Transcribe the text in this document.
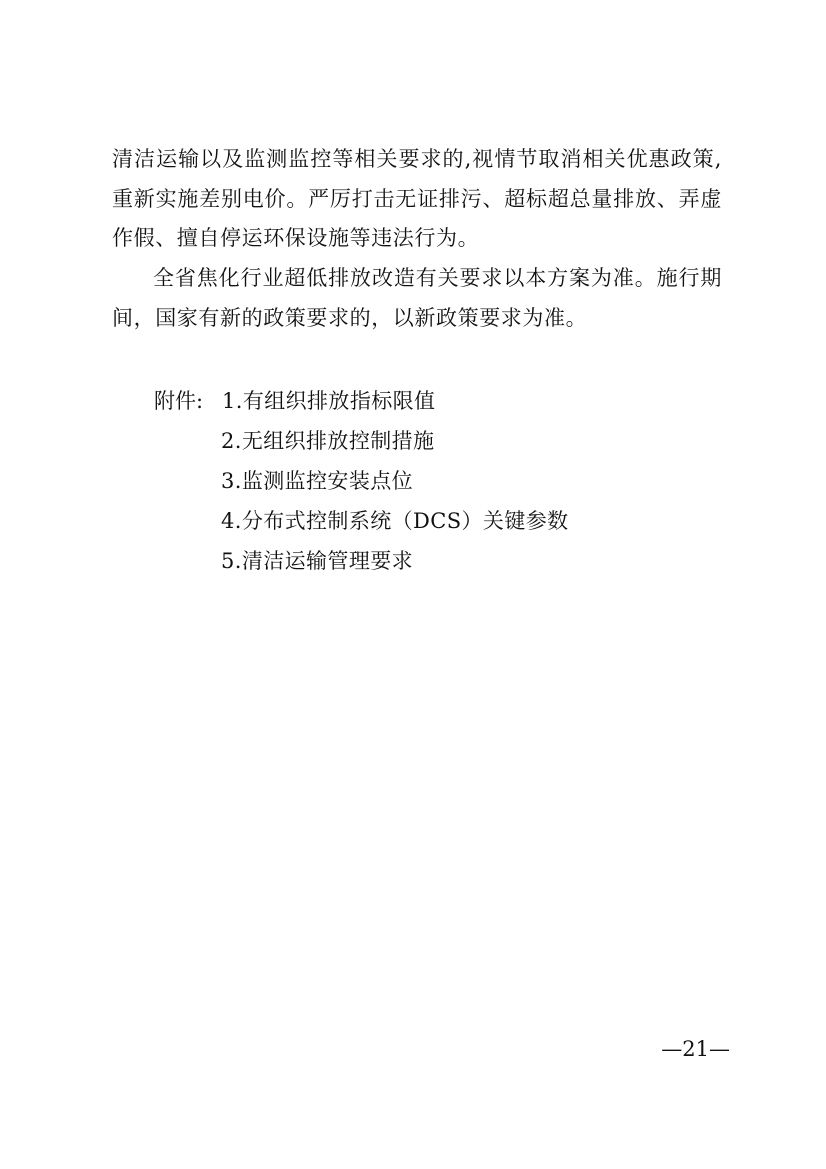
清洁运输以及监测监控等相关要求的,视情节取消相关优惠政策,
重新实施差别电价。严厉打击无证排污、超标超总量排放、弄虚
作假、擅自停运环保设施等违法行为。
全省焦化行业超低排放改造有关要求以本方案为准。施行期
间，国家有新的政策要求的，以新政策要求为准。
附件: 1.有组织排放指标限值
2.无组织排放控制措施
3.监测监控安装点位
4.分布式控制系统（DCS）关键参数
5.清洁运输管理要求
—21—
